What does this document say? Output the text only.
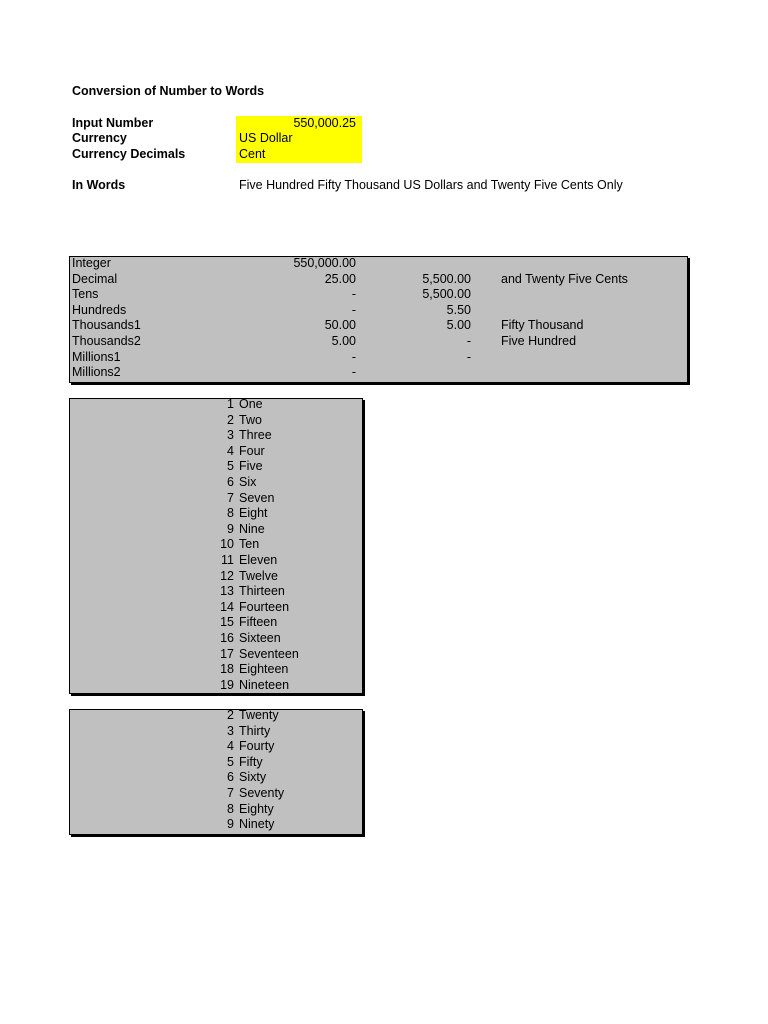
Conversion of Number to Words
Input Number	550,000.25
Currency	US Dollar
Currency Decimals	Cent
In Words	Five Hundred Fifty Thousand US Dollars and Twenty Five Cents Only
Integer	550,000.00
Decimal	25.00	5,500.00 and Twenty Five Cents
Tens	-	5,500.00
Hundreds	-	5.50
Thousands1	50.00	5.00 Fifty Thousand
Thousands2	5.00	- Five Hundred
Millions1	-	-
Millions2	-
1 One
2 Two
3 Three
4 Four
5 Five
6 Six
7 Seven
8 Eight
9 Nine
10 Ten
11 Eleven
12 Twelve
13 Thirteen
14 Fourteen
15 Fifteen
16 Sixteen
17 Seventeen
18 Eighteen
19 Nineteen
2 Twenty
3 Thirty
4 Fourty
5 Fifty
6 Sixty
7 Seventy
8 Eighty
9 Ninety
